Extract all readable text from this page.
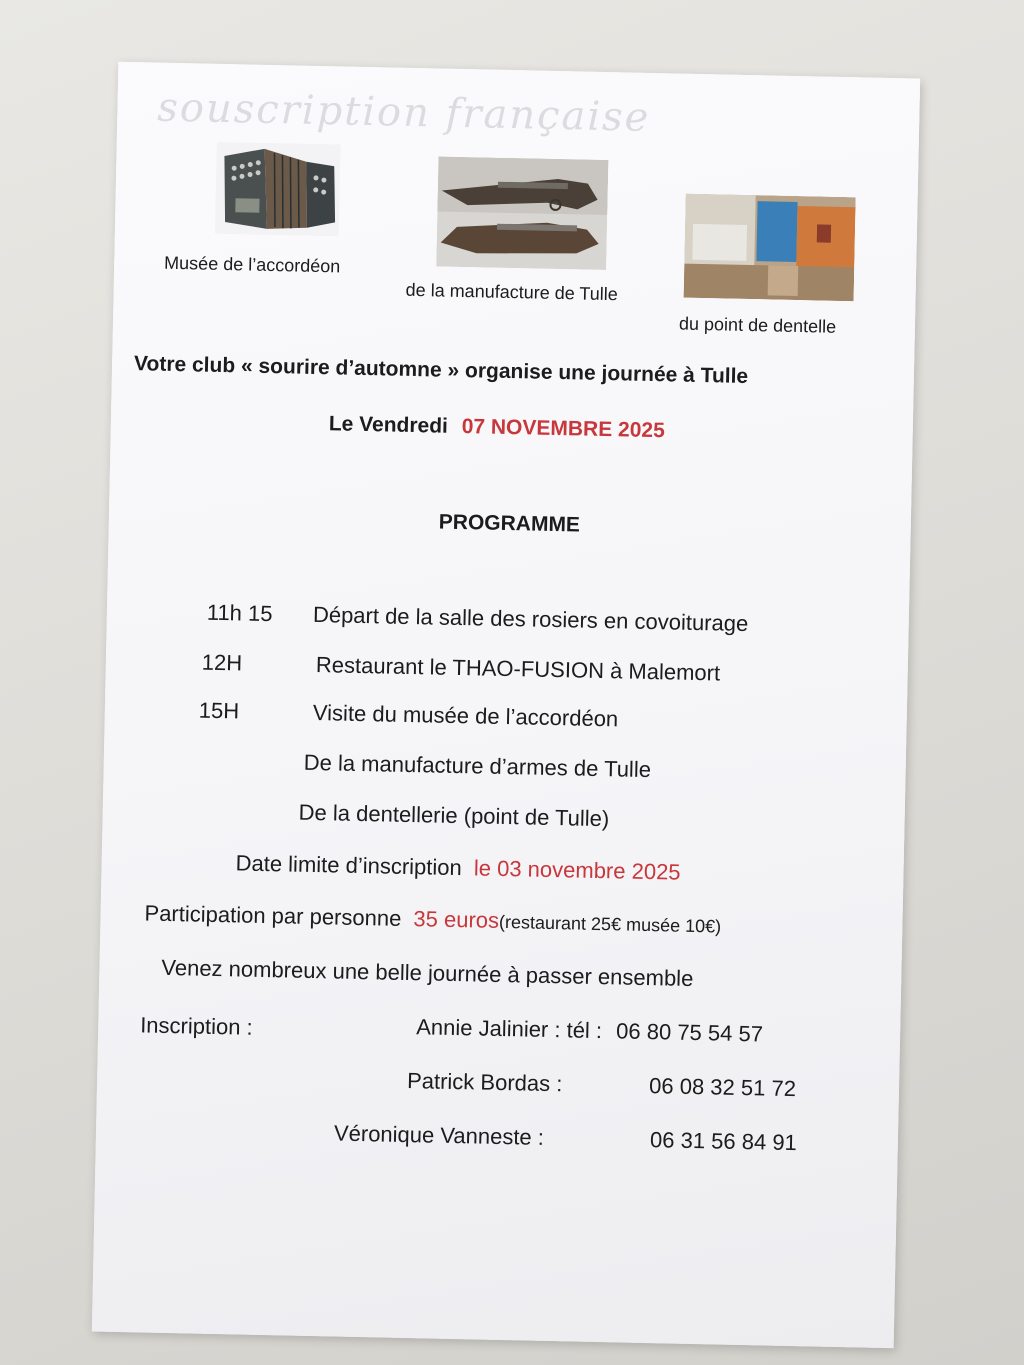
souscription française
Musée de l’accordéon
de la manufacture de Tulle
du point de dentelle
Votre club « sourire d’automne » organise une journée à Tulle
Le Vendredi 07 NOVEMBRE 2025
PROGRAMME
11h 15 Départ de la salle des rosiers en covoiturage
12H	Restaurant le THAO-FUSION à Malemort
15H	Visite du musée de l’accordéon
De la manufacture d’armes de Tulle
De la dentellerie (point de Tulle)
Date limite d’inscription le 03 novembre 2025
Participation par personne 35 euros(restaurant 25€ musée 10€)
Venez nombreux une belle journée à passer ensemble
Inscription :	Annie Jalinier : tél : 06 80 75 54 57
Patrick Bordas :	06 08 32 51 72
Véronique Vanneste :	06 31 56 84 91
